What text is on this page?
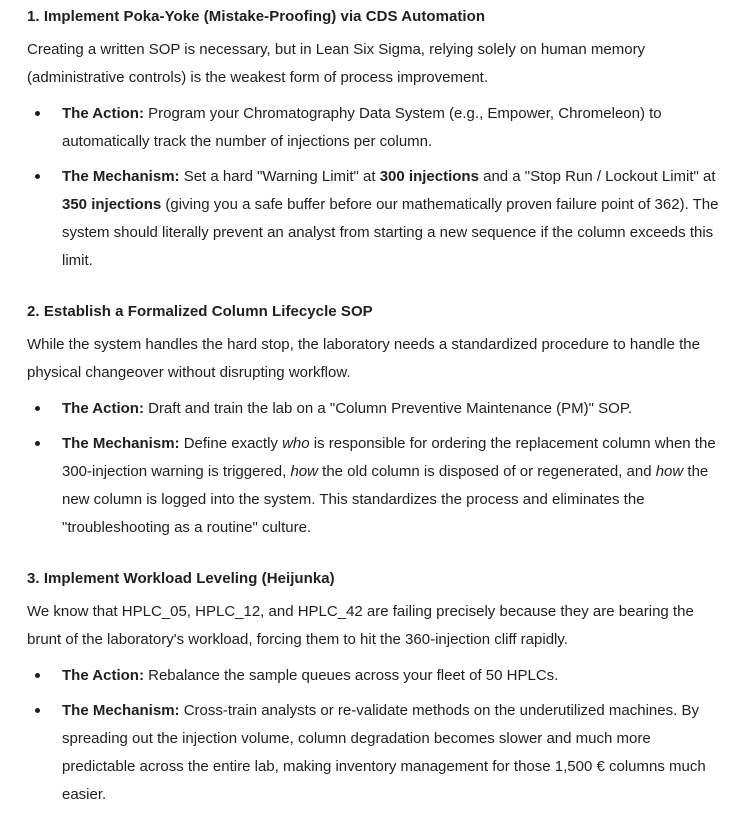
1. Implement Poka-Yoke (Mistake-Proofing) via CDS Automation

Creating a written SOP is necessary, but in Lean Six Sigma, relying solely on human memory (administrative controls) is the weakest form of process improvement.

The Action: Program your Chromatography Data System (e.g., Empower, Chromeleon) to automatically track the number of injections per column.
The Mechanism: Set a hard "Warning Limit" at 300 injections and a "Stop Run / Lockout Limit" at 350 injections (giving you a safe buffer before our mathematically proven failure point of 362). The system should literally prevent an analyst from starting a new sequence if the column exceeds this limit.
2. Establish a Formalized Column Lifecycle SOP

While the system handles the hard stop, the laboratory needs a standardized procedure to handle the physical changeover without disrupting workflow.

The Action: Draft and train the lab on a "Column Preventive Maintenance (PM)" SOP.
The Mechanism: Define exactly who is responsible for ordering the replacement column when the 300-injection warning is triggered, how the old column is disposed of or regenerated, and how the new column is logged into the system. This standardizes the process and eliminates the "troubleshooting as a routine" culture.
3. Implement Workload Leveling (Heijunka)

We know that HPLC_05, HPLC_12, and HPLC_42 are failing precisely because they are bearing the brunt of the laboratory's workload, forcing them to hit the 360-injection cliff rapidly.

The Action: Rebalance the sample queues across your fleet of 50 HPLCs.
The Mechanism: Cross-train analysts or re-validate methods on the underutilized machines. By spreading out the injection volume, column degradation becomes slower and much more predictable across the entire lab, making inventory management for those 1,500 € columns much easier.
